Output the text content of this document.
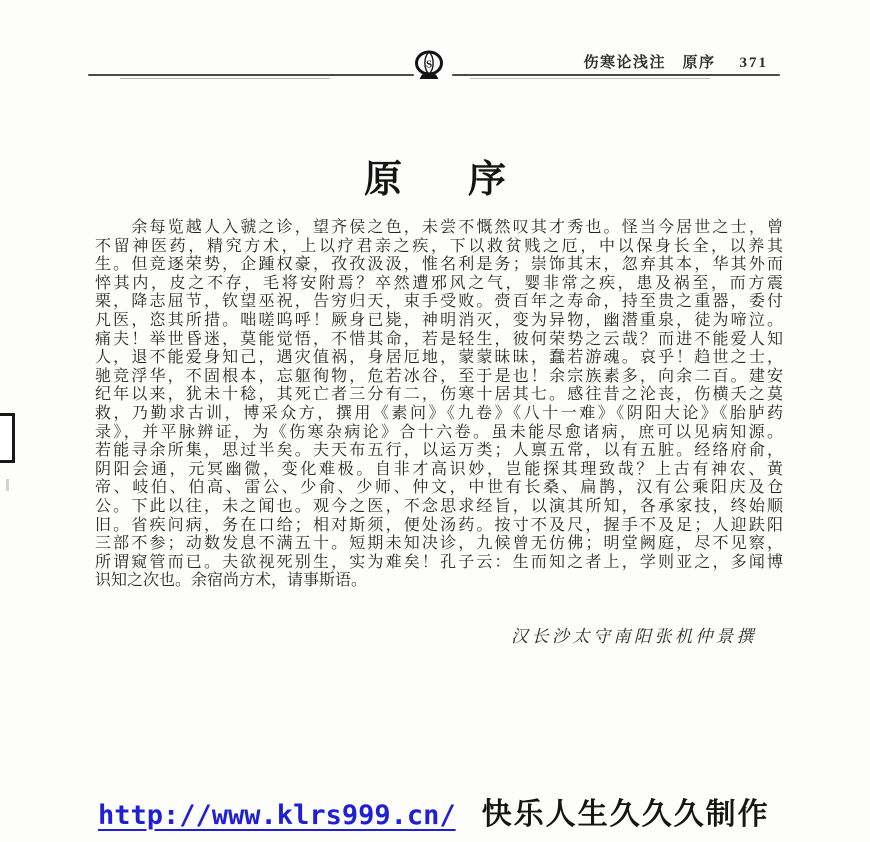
伤寒论浅注　原序 371
S
原 序
　　余每览越人入虢之诊，望齐侯之色，未尝不慨然叹其才秀也。怪当今居世之士，曾
不留神医药，精究方术，上以疗君亲之疾，下以救贫贱之厄，中以保身长全，以养其
生。但竞逐荣势，企踵权豪，孜孜汲汲，惟名利是务；崇饰其末，忽弃其本，华其外而
悴其内，皮之不存，毛将安附焉？卒然遭邪风之气，婴非常之疾，患及祸至，而方震
栗，降志屈节，钦望巫祝，告穷归天，束手受败。赍百年之寿命，持至贵之重器，委付
凡医，恣其所措。咄嗟呜呼！厥身已毙，神明消灭，变为异物，幽潜重泉，徒为啼泣。
痛夫！举世昏迷，莫能觉悟，不惜其命，若是轻生，彼何荣势之云哉？而进不能爱人知
人，退不能爱身知己，遇灾值祸，身居厄地，蒙蒙昧昧，蠢若游魂。哀乎！趋世之士，
驰竞浮华，不固根本，忘躯徇物，危若冰谷，至于是也！余宗族素多，向余二百。建安
纪年以来，犹未十稔，其死亡者三分有二，伤寒十居其七。感往昔之沦丧，伤横夭之莫
救，乃勤求古训，博采众方，撰用《素问》《九卷》《八十一难》《阴阳大论》《胎胪药
录》，并平脉辨证，为《伤寒杂病论》合十六卷。虽未能尽愈诸病，庶可以见病知源。
若能寻余所集，思过半矣。夫天布五行，以运万类；人禀五常，以有五脏。经络府俞，
阴阳会通，元冥幽微，变化难极。自非才高识妙，岂能探其理致哉？上古有神农、黄
帝、岐伯、伯高、雷公、少俞、少师、仲文，中世有长桑、扁鹊，汉有公乘阳庆及仓
公。下此以往，未之闻也。观今之医，不念思求经旨，以演其所知，各承家技，终始顺
旧。省疾问病，务在口给；相对斯须，便处汤药。按寸不及尺，握手不及足；人迎趺阳
三部不参；动数发息不满五十。短期未知决诊，九候曾无仿佛；明堂阙庭，尽不见察，
所谓窥管而已。夫欲视死别生，实为难矣！孔子云：生而知之者上，学则亚之，多闻博
识知之次也。余宿尚方术，请事斯语。
汉长沙太守南阳张机仲景撰
http://www.klrs999.cn/ 快乐人生久久久制作
